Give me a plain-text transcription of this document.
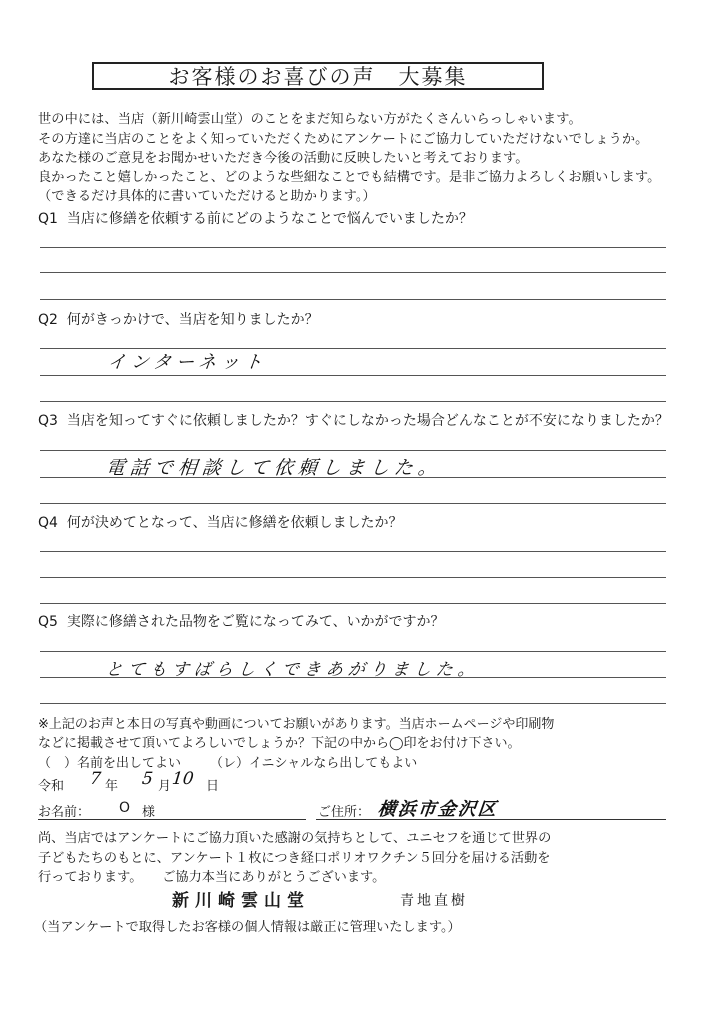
お客様のお喜びの声　大募集
世の中には、当店（新川崎雲山堂）のことをまだ知らない方がたくさんいらっしゃいます。
その方達に当店のことをよく知っていただくためにアンケートにご協力していただけないでしょうか。
あなた様のご意見をお聞かせいただき今後の活動に反映したいと考えております。
良かったこと嬉しかったこと、どのような些細なことでも結構です。是非ご協力よろしくお願いします。
（できるだけ具体的に書いていただけると助かります。）
Q1 当店に修繕を依頼する前にどのようなことで悩んでいましたか？
Q2 何がきっかけで、当店を知りましたか？
インターネット
Q3 当店を知ってすぐに依頼しましたか？すぐにしなかった場合どんなことが不安になりましたか？
電話で相談して依頼しました。
Q4 何が決めてとなって、当店に修繕を依頼しましたか？
Q5 実際に修繕された品物をご覧になってみて、いかがですか？
とてもすばらしくできあがりました。
※上記のお声と本日の写真や動画についてお願いがあります。当店ホームページや印刷物
などに掲載させて頂いてよろしいでしょうか？下記の中から◯印をお付け下さい。
（　）名前を出してよい （レ）イニシャルなら出してもよい
令和 7 年 5 月 10 日
お名前： O 様	ご住所： 横浜市金沢区
尚、当店ではアンケートにご協力頂いた感謝の気持ちとして、ユニセフを通じて世界の
子どもたちのもとに、アンケート１枚につき経口ポリオワクチン５回分を届ける活動を
行っております。　　ご協力本当にありがとうございます。
新川崎雲山堂	青地直樹
（当アンケートで取得したお客様の個人情報は厳正に管理いたします。）
